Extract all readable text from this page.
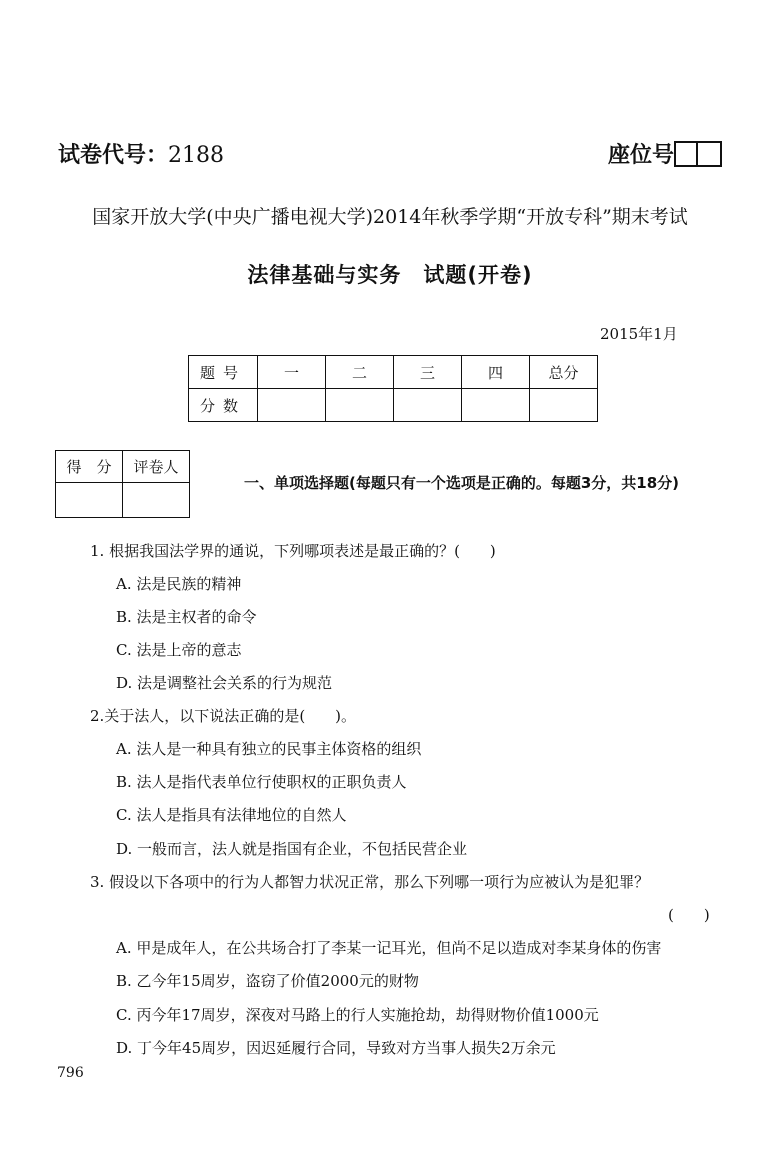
试卷代号：2188	座位号
国家开放大学(中央广播电视大学)2014年秋季学期“开放专科”期末考试
法律基础与实务　试题(开卷)
2015年1月
题号	一	二	三	四	总分
分数					
得　分	评卷人

一、单项选择题(每题只有一个选项是正确的。每题3分，共18分)
1. 根据我国法学界的通说，下列哪项表述是最正确的？(　　)
A. 法是民族的精神
B. 法是主权者的命令
C. 法是上帝的意志
D. 法是调整社会关系的行为规范
2.关于法人，以下说法正确的是(　　)。
A. 法人是一种具有独立的民事主体资格的组织
B. 法人是指代表单位行使职权的正职负责人
C. 法人是指具有法律地位的自然人
D. 一般而言，法人就是指国有企业，不包括民营企业
3. 假设以下各项中的行为人都智力状况正常，那么下列哪一项行为应被认为是犯罪？
(　　)
A. 甲是成年人，在公共场合打了李某一记耳光，但尚不足以造成对李某身体的伤害
B. 乙今年15周岁，盗窃了价值2000元的财物
C. 丙今年17周岁，深夜对马路上的行人实施抢劫，劫得财物价值1000元
D. 丁今年45周岁，因迟延履行合同，导致对方当事人损失2万余元
796
